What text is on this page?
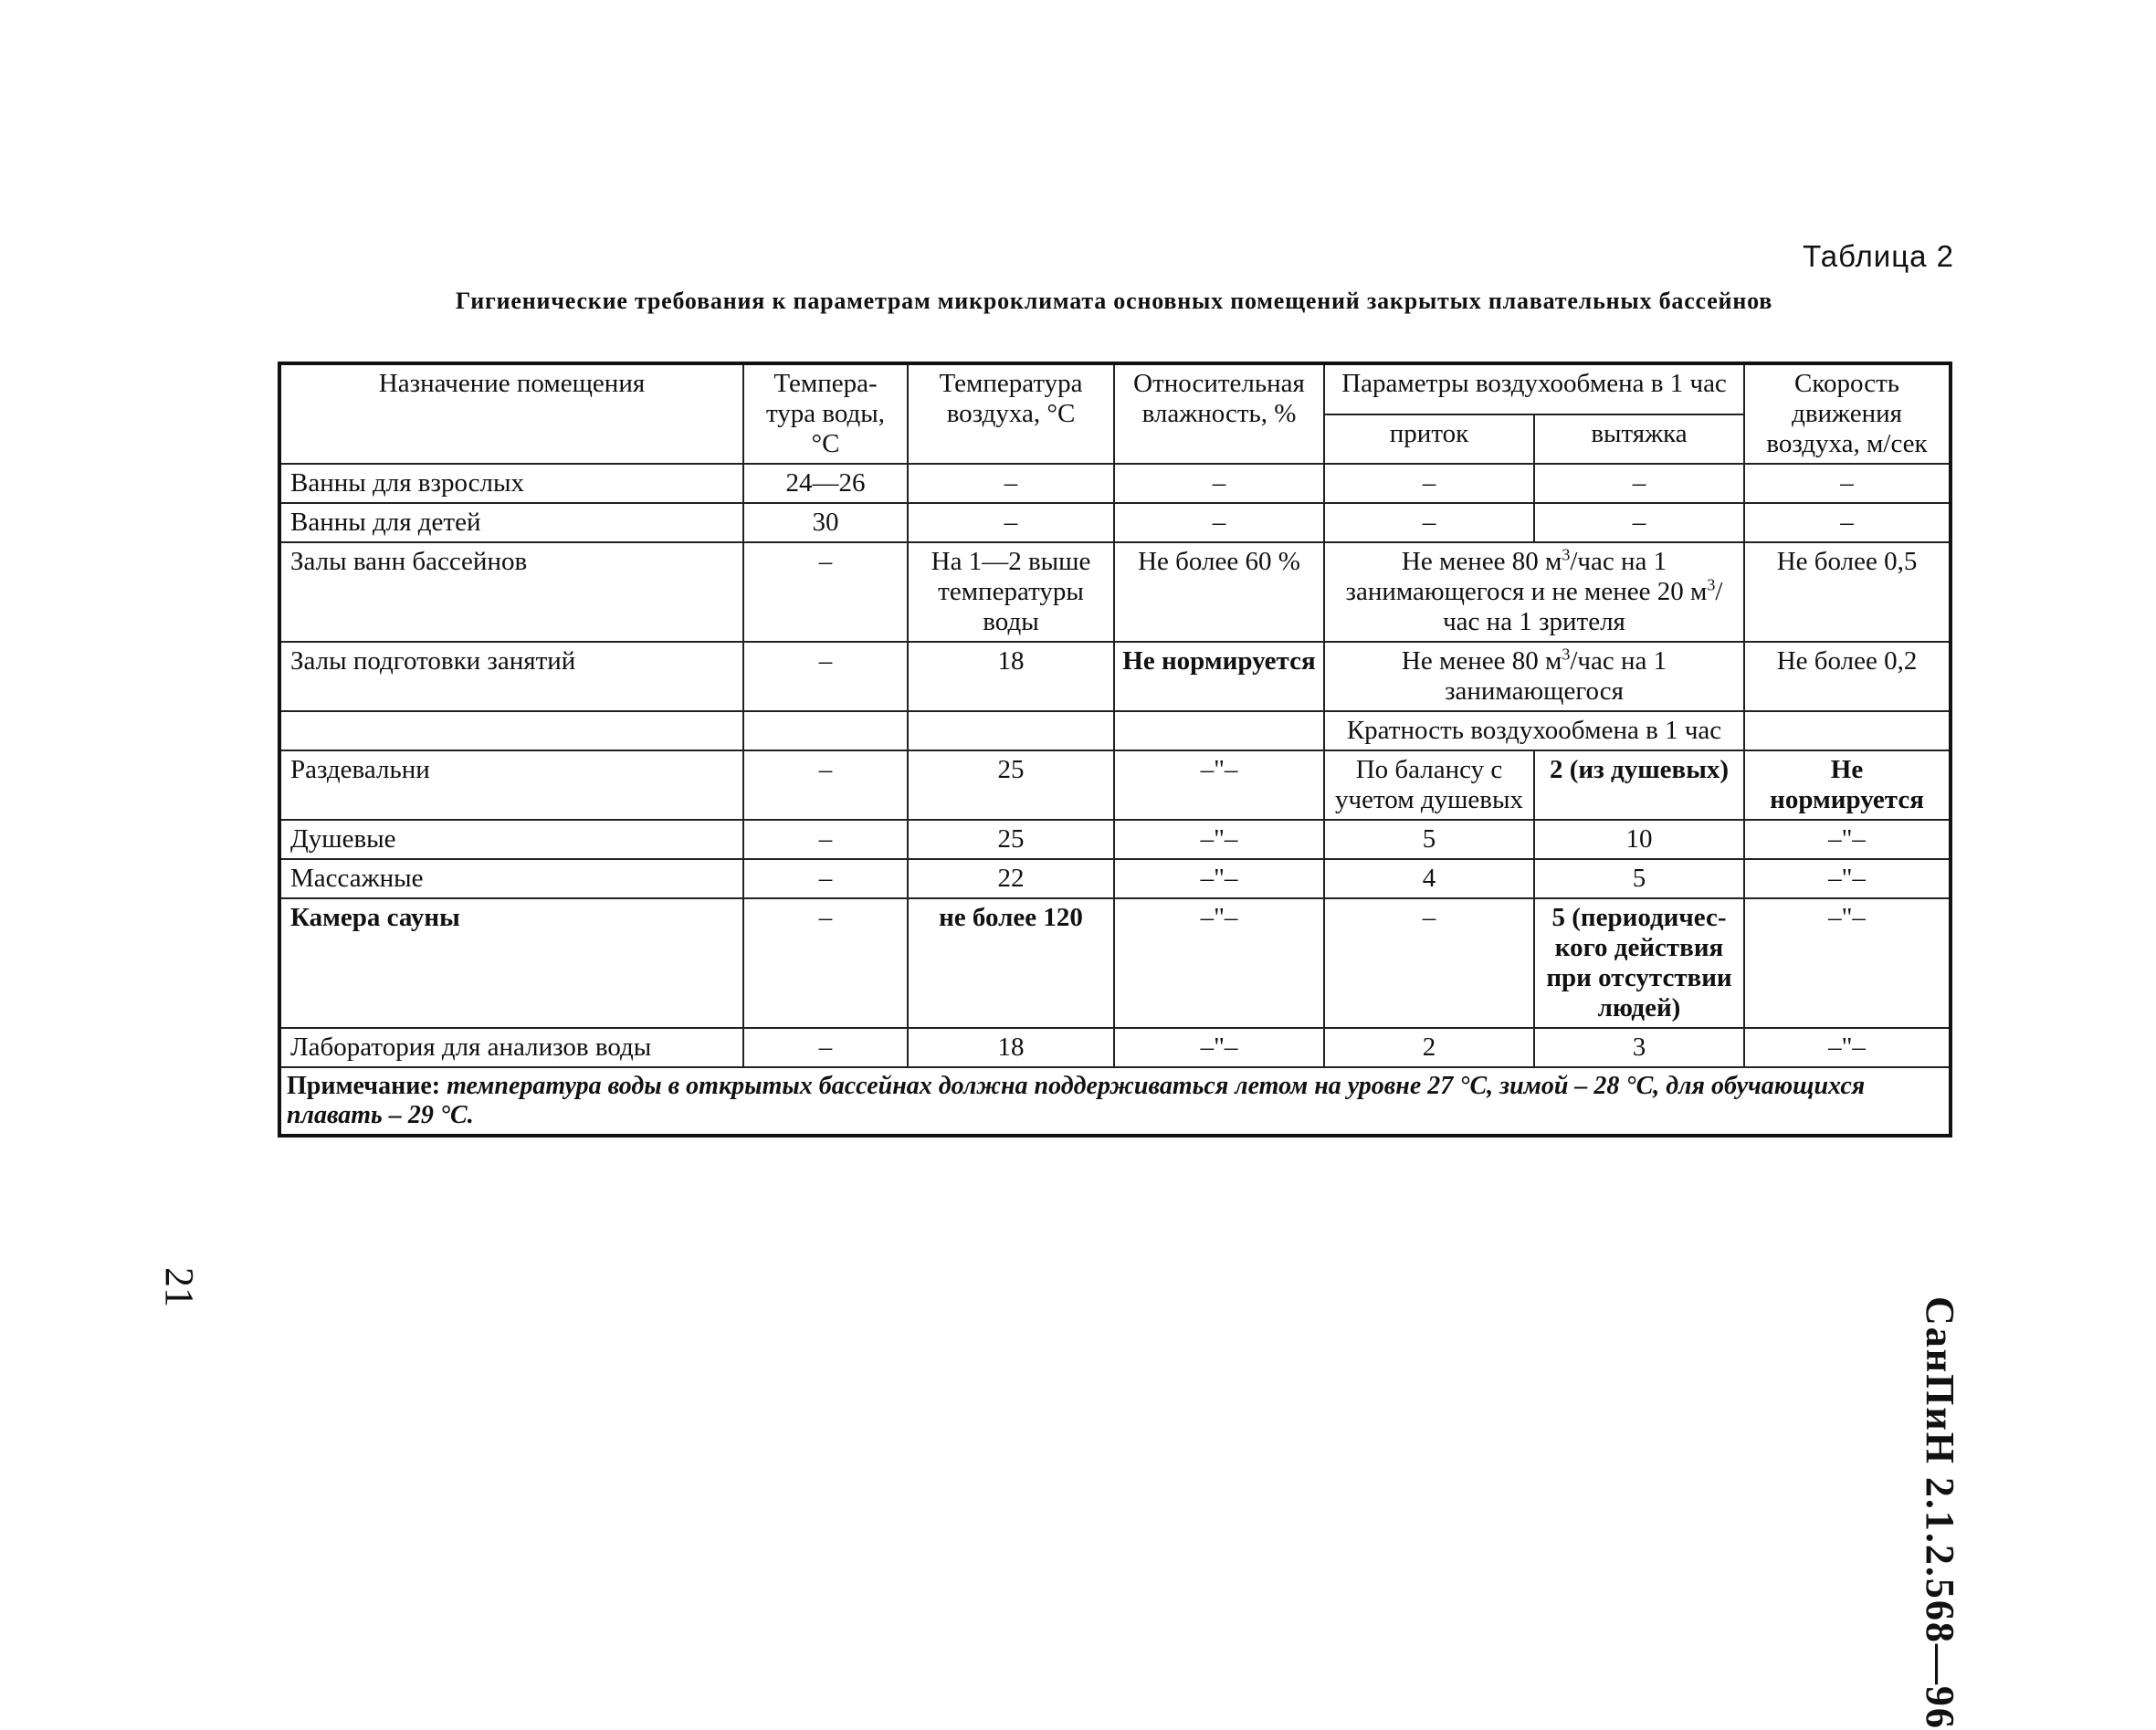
Таблица 2
Гигиенические требования к параметрам микроклимата основных помещений закрытых плавательных бассейнов
Назначение помещения	Темпера-тура воды, °С	Температура воздуха, °С	Относительная влажность, %	Параметры воздухообмена в 1 час		Скорость движения воздуха, м/сек
				приток	вытяжка	
Ванны для взрослых	24—26	–	–	–	–	–
Ванны для детей	30	–	–	–	–	–
Залы ванн бассейнов	–	На 1—2 выше температуры воды	Не более 60 %	Не менее 80 $м^3$/час на 1 занимающегося и не менее 20 $м^3$/час на 1 зрителя		Не более 0,5
Залы подготовки занятий	–	18	Не нормируется	Не менее 80 $м^3$/час на 1 занимающегося		Не более 0,2
				Кратность воздухообмена в 1 час		
Раздевальни	–	25	–"–	По балансу с учетом душевых	2 (из душевых)	Не нормируется
Душевые	–	25	–"–	5	10	–"–
Массажные	–	22	–"–	4	5	–"–
Камера сауны	–	не более 120	–"–	–	5 (периодичес-кого действия при отсутствии людей)	–"–
Лаборатория для анализов воды	–	18	–"–	2	3	–"–
Примечание: температура воды в открытых бассейнах должна поддерживаться летом на уровне 27 °С, зимой – 28 °С, для обучающихся плавать – 29 °С.						
СанПиН 2.1.2.568—96
21
